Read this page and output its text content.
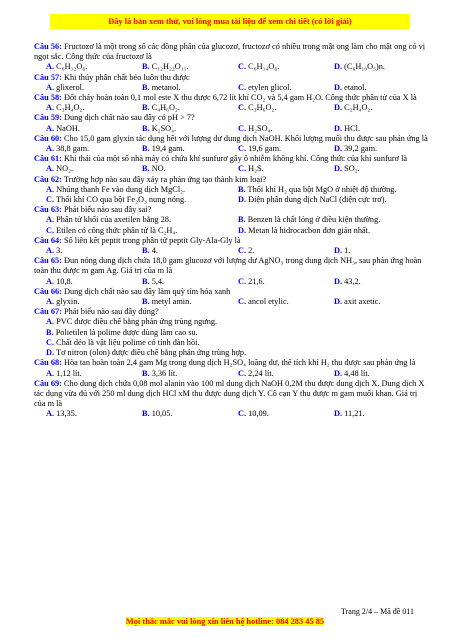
Đây là bản xem thử, vui lòng mua tài liệu để xem chi tiết (có lời giải)

Câu 56: Fructozơ là một trong số các đồng phân của glucozơ, fructozơ có nhiều trong mật ong làm cho mật ong có vị ngọt sắc. Công thức của fructozơ là

A. C₆H₁₂O₆.	B. C₁₂H₂₂O₁₁.	C. C₆H₁₄O₆.	D. (C₆H₁₀O₅)n.

Câu 57: Khi thủy phân chất béo luôn thu được

A. glixerol.	B. metanol.	C. etylen glicol.	D. etanol.

Câu 58: Đốt cháy hoàn toàn 0,1 mol este X thu được 6,72 lít khí CO₂ và 5,4 gam H₂O. Công thức phân tử của X là

A. C₃H₄O₂.	B. C₄H₆O₂.	C. C₃H₆O₂.	D. C₂H₄O₂.

Câu 59: Dung dịch chất nào sau đây có pH > 7?

A. NaOH.	B. K₂SO₄.	C. H₂SO₄.	D. HCl.

Câu 60: Cho 15,0 gam glyxin tác dụng hết với lượng dư dung dịch NaOH. Khối lượng muối thu được sau phản ứng là

A. 38,8 gam.	B. 19,4 gam.	C. 19,6 gam.	D. 39,2 gam.

Câu 61: Khí thải của một số nhà máy có chứa khí sunfurơ gây ô nhiễm không khí. Công thức của khí sunfurơ là

A. NO₂.	B. NO.	C. H₂S.	D. SO₂.

Câu 62: Trường hợp nào sau đây xảy ra phản ứng tạo thành kim loại?

A. Nhúng thanh Fe vào dung dịch MgCl₂.	B. Thổi khí H₂ qua bột MgO ở nhiệt độ thường.
C. Thổi khí CO qua bột Fe₂O₃ nung nóng.	D. Điện phân dung dịch NaCl (điện cực trơ).

Câu 63: Phát biểu nào sau đây sai?

A. Phân tử khối của axetilen bằng 28.	B. Benzen là chất lỏng ở điều kiện thường.
C. Etilen có công thức phân tử là C₂H₄.	D. Metan là hidrocacbon đơn giản nhất.

Câu 64: Số liên kết peptit trong phân tử peptit Gly-Ala-Gly là

A. 3.	B. 4.	C. 2.	D. 1.

Câu 65: Đun nóng dung dịch chứa 18,0 gam glucozơ với lượng dư AgNO₃ trong dung dịch NH₃, sau phản ứng hoàn toàn thu được m gam Ag. Giá trị của m là

A. 10,8.	B. 5,4.	C. 21,6.	D. 43,2.

Câu 66: Dung dịch chất nào sau đây làm quỳ tím hóa xanh

A. glyxin.	B. metyl amin.	C. ancol etylic.	D. axit axetic.

Câu 67: Phát biểu nào sau đây đúng?

A. PVC được điều chế bằng phản ứng trùng ngưng.
B. Polietilen là polime được dùng làm cao su.
C. Chất dẻo là vật liệu polime có tính đàn hồi.
D. Tơ nitron (olon) được điều chế bằng phản ứng trùng hợp.

Câu 68: Hòa tan hoàn toàn 2,4 gam Mg trong dung dịch H₂SO₄ loãng dư, thể tích khí H₂ thu được sau phản ứng là

A. 1,12 lít.	B. 3,36 lít.	C. 2,24 lít.	D. 4,48 lít.

Câu 69: Cho dung dịch chứa 0,08 mol alanin vào 100 ml dung dịch NaOH 0,2M thu được dung dịch X. Dung dịch X tác dụng vừa đủ với 250 ml dung dịch HCl xM thu được dung dịch Y. Cô cạn Y thu được m gam muối khan. Giá trị của m là

A. 13,35.	B. 10,05.	C. 10,09.	D. 11,21.
Trang 2/4 – Mã đề 011
Mọi thắc mắc vui lòng xin liên hệ hotline: 084 283 45 85
